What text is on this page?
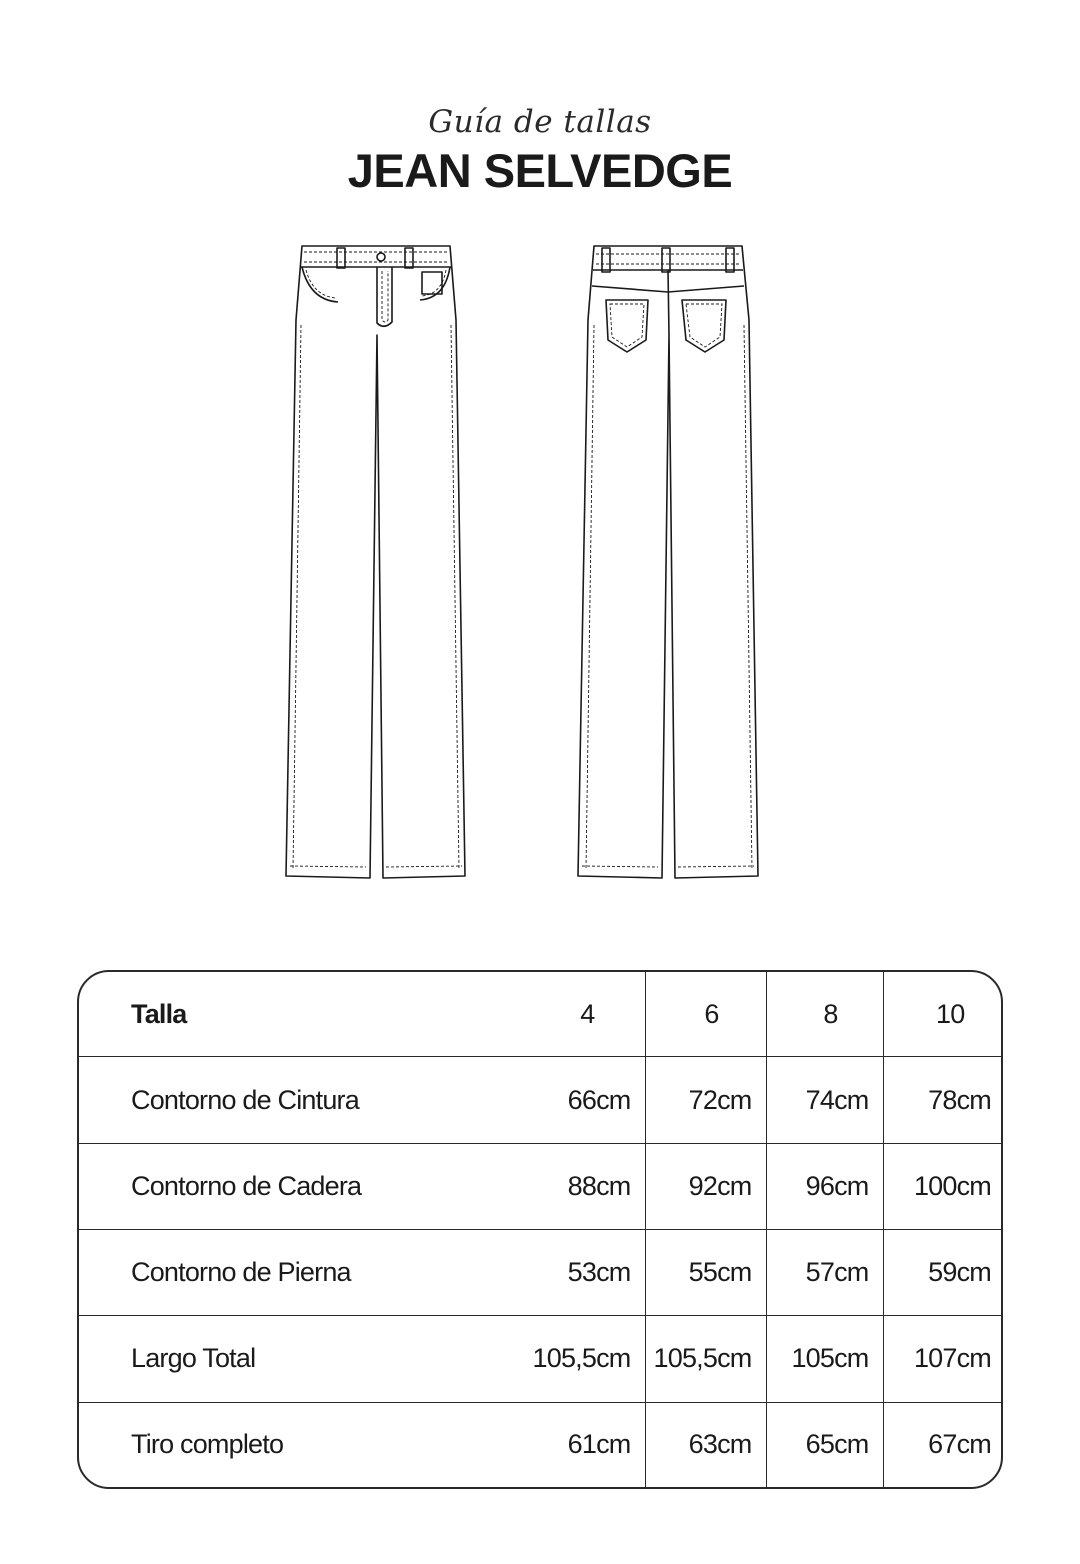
Guía de tallas
JEAN SELVEDGE
Talla	4	6	8	10
Contorno de Cintura	66cm	72cm	74cm	78cm
Contorno de Cadera	88cm	92cm	96cm	100cm
Contorno de Pierna	53cm	55cm	57cm	59cm
Largo Total	105,5cm	105,5cm	105cm	107cm
Tiro completo	61cm	63cm	65cm	67cm
